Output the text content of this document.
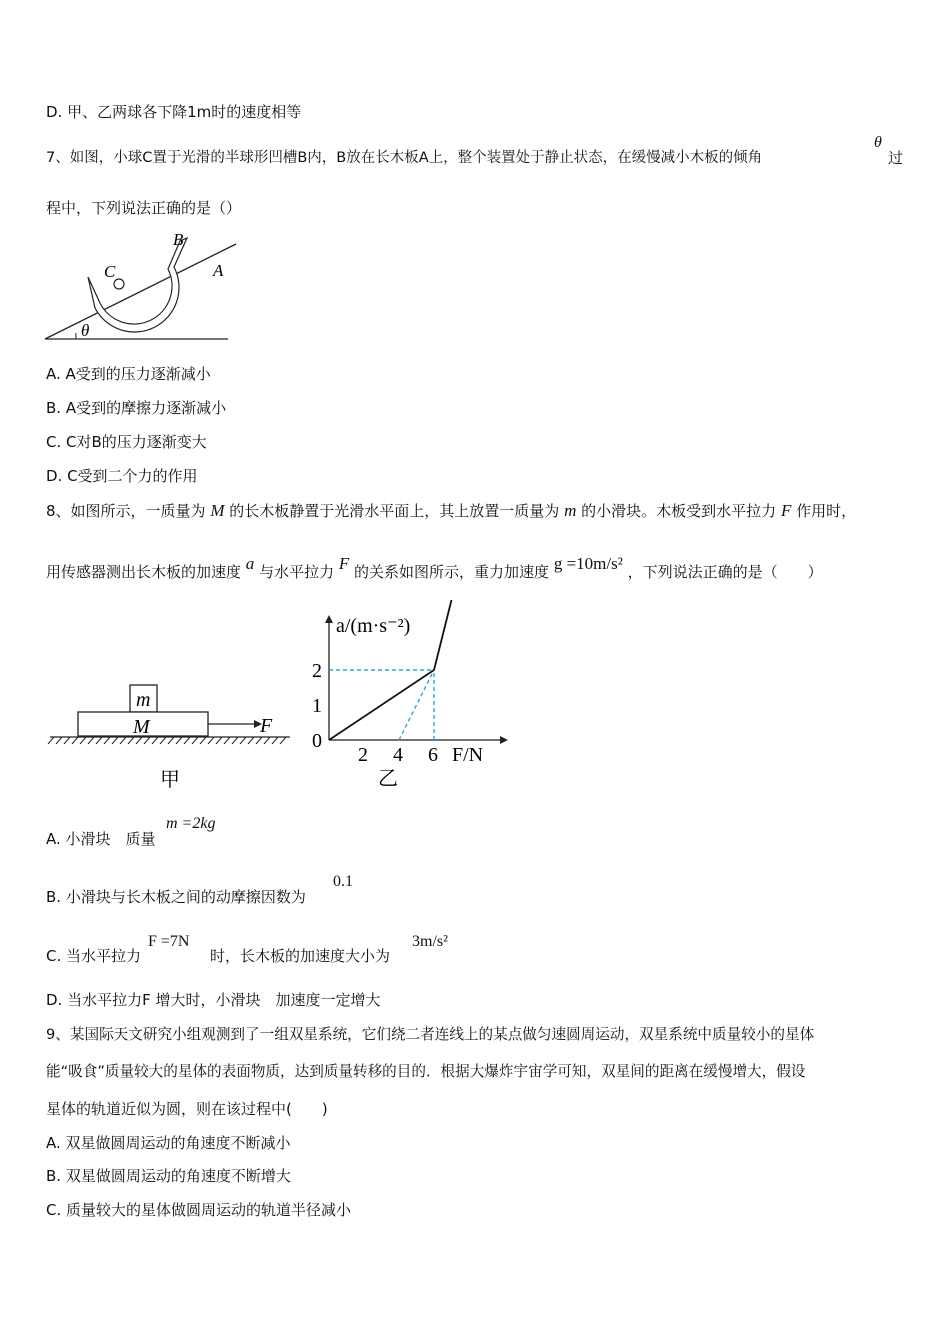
D. 甲、乙两球各下降1m时的速度相等
7、如图，小球C置于光滑的半球形凹槽B内，B放在长木板A上，整个装置处于静止状态，在缓慢减小木板的倾角
θ
过
程中，下列说法正确的是（）
B
C	A
θ
A. A受到的压力逐渐减小
B. A受到的摩擦力逐渐减小
C. C对B的压力逐渐变大
D. C受到二个力的作用
8、如图所示，一质量为 M 的长木板静置于光滑水平面上，其上放置一质量为 m 的小滑块。木板受到水平拉力 F 作用时，
用传感器测出长木板的加速度 a 与水平拉力 F 的关系如图所示，重力加速度 g =10m/s² ，下列说法正确的是（　　）
m
M	F
甲
a/(m·s⁻²)
F/N
0
2 4 6
1
2
乙
A. 小滑块　质量
m =2kg
B. 小滑块与长木板之间的动摩擦因数为
0.1
C. 当水平拉力
F =7N
时，长木板的加速度大小为
3m/s²
D. 当水平拉力F 增大时，小滑块　加速度一定增大
9、某国际天文研究小组观测到了一组双星系统，它们绕二者连线上的某点做匀速圆周运动，双星系统中质量较小的星体
能“吸食”质量较大的星体的表面物质，达到质量转移的目的．根据大爆炸宇宙学可知，双星间的距离在缓慢增大，假设
星体的轨道近似为圆，则在该过程中(　　)
A. 双星做圆周运动的角速度不断减小
B. 双星做圆周运动的角速度不断增大
C. 质量较大的星体做圆周运动的轨道半径减小
